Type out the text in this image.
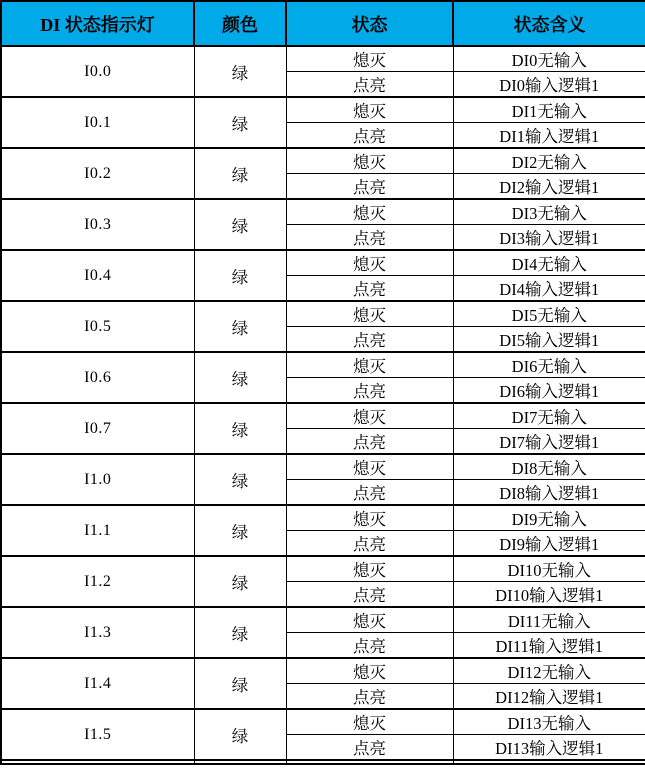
DI 状态指示灯	颜色	状态	状态含义
I0.0	绿	熄灭	DI0无输入
		点亮	DI0输入逻辑1
I0.1	绿	熄灭	DI1无输入
		点亮	DI1输入逻辑1
I0.2	绿	熄灭	DI2无输入
		点亮	DI2输入逻辑1
I0.3	绿	熄灭	DI3无输入
		点亮	DI3输入逻辑1
I0.4	绿	熄灭	DI4无输入
		点亮	DI4输入逻辑1
I0.5	绿	熄灭	DI5无输入
		点亮	DI5输入逻辑1
I0.6	绿	熄灭	DI6无输入
		点亮	DI6输入逻辑1
I0.7	绿	熄灭	DI7无输入
		点亮	DI7输入逻辑1
I1.0	绿	熄灭	DI8无输入
		点亮	DI8输入逻辑1
I1.1	绿	熄灭	DI9无输入
		点亮	DI9输入逻辑1
I1.2	绿	熄灭	DI10无输入
		点亮	DI10输入逻辑1
I1.3	绿	熄灭	DI11无输入
		点亮	DI11输入逻辑1
I1.4	绿	熄灭	DI12无输入
		点亮	DI12输入逻辑1
I1.5	绿	熄灭	DI13无输入
		点亮	DI13输入逻辑1
